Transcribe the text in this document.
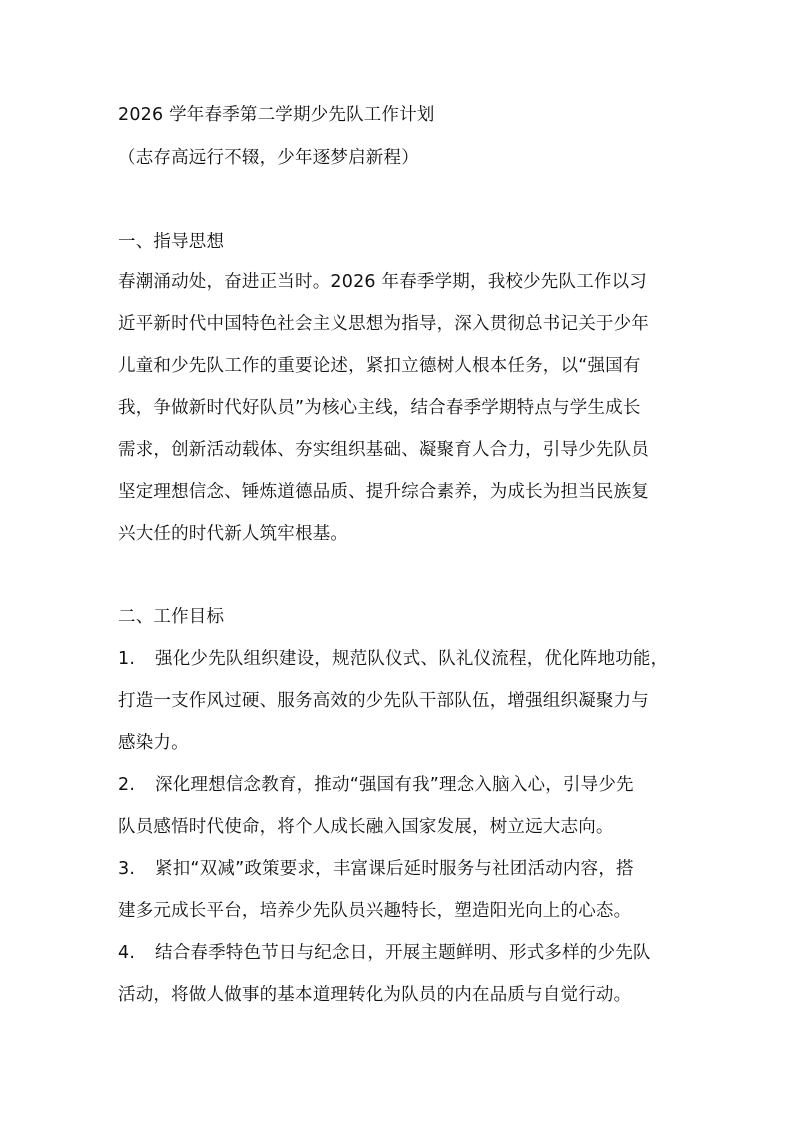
2026 学年春季第二学期少先队工作计划
（志存高远行不辍，少年逐梦启新程）
一、指导思想
春潮涌动处，奋进正当时。2026 年春季学期，我校少先队工作以习
近平新时代中国特色社会主义思想为指导，深入贯彻总书记关于少年
儿童和少先队工作的重要论述，紧扣立德树人根本任务，以“强国有
我，争做新时代好队员”为核心主线，结合春季学期特点与学生成长
需求，创新活动载体、夯实组织基础、凝聚育人合力，引导少先队员
坚定理想信念、锤炼道德品质、提升综合素养，为成长为担当民族复
兴大任的时代新人筑牢根基。
二、工作目标
1.	强化少先队组织建设，规范队仪式、队礼仪流程，优化阵地功能，
打造一支作风过硬、服务高效的少先队干部队伍，增强组织凝聚力与
感染力。
2.	深化理想信念教育，推动“强国有我”理念入脑入心，引导少先
队员感悟时代使命，将个人成长融入国家发展，树立远大志向。
3.	紧扣“双减”政策要求，丰富课后延时服务与社团活动内容，搭
建多元成长平台，培养少先队员兴趣特长，塑造阳光向上的心态。
4.	结合春季特色节日与纪念日，开展主题鲜明、形式多样的少先队
活动，将做人做事的基本道理转化为队员的内在品质与自觉行动。
